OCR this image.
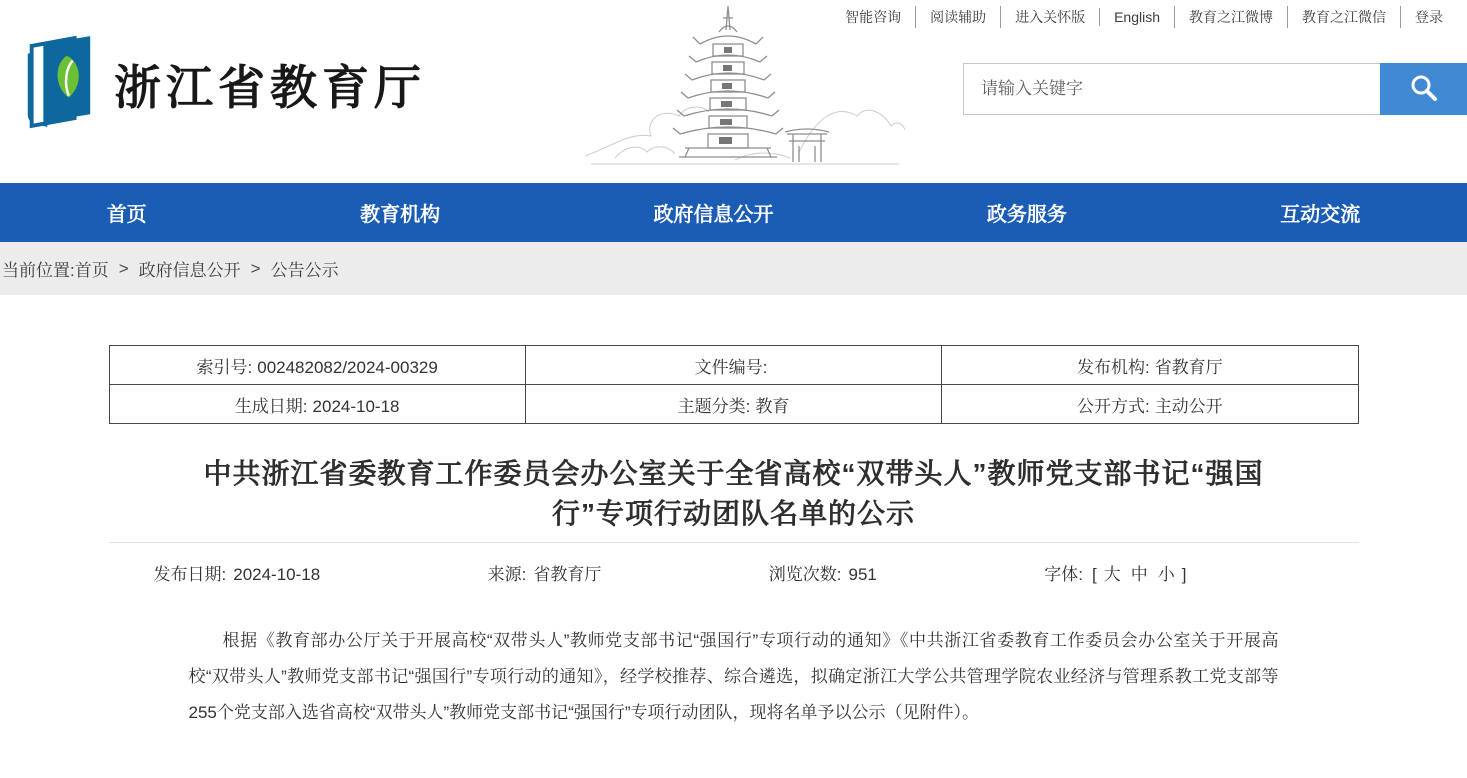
智能咨询	阅读辅助	进入关怀版	English	教育之江微博	教育之江微信	登录
浙江省教育厅
请输入关键字
首页	教育机构	政府信息公开	政务服务	互动交流
当前位置: 首页 > 政府信息公开 > 公告公示
索引号: 002482082/2024-00329	文件编号:	发布机构: 省教育厅
生成日期: 2024-10-18	主题分类: 教育	公开方式: 主动公开
中共浙江省委教育工作委员会办公室关于全省高校“双带头人”教师党支部书记“强国行”专项行动团队名单的公示
发布日期: 2024-10-18	来源: 省教育厅	浏览次数: 951	字体: [ 大 中 小 ]

根据《教育部办公厅关于开展高校“双带头人”教师党支部书记“强国行”专项行动的通知》《中共浙江省委教育工作委员会办公室关于开展高校“双带头人”教师党支部书记“强国行”专项行动的通知》，经学校推荐、综合遴选，拟确定浙江大学公共管理学院农业经济与管理系教工党支部等255个党支部入选省高校“双带头人”教师党支部书记“强国行”专项行动团队，现将名单予以公示（见附件）。
